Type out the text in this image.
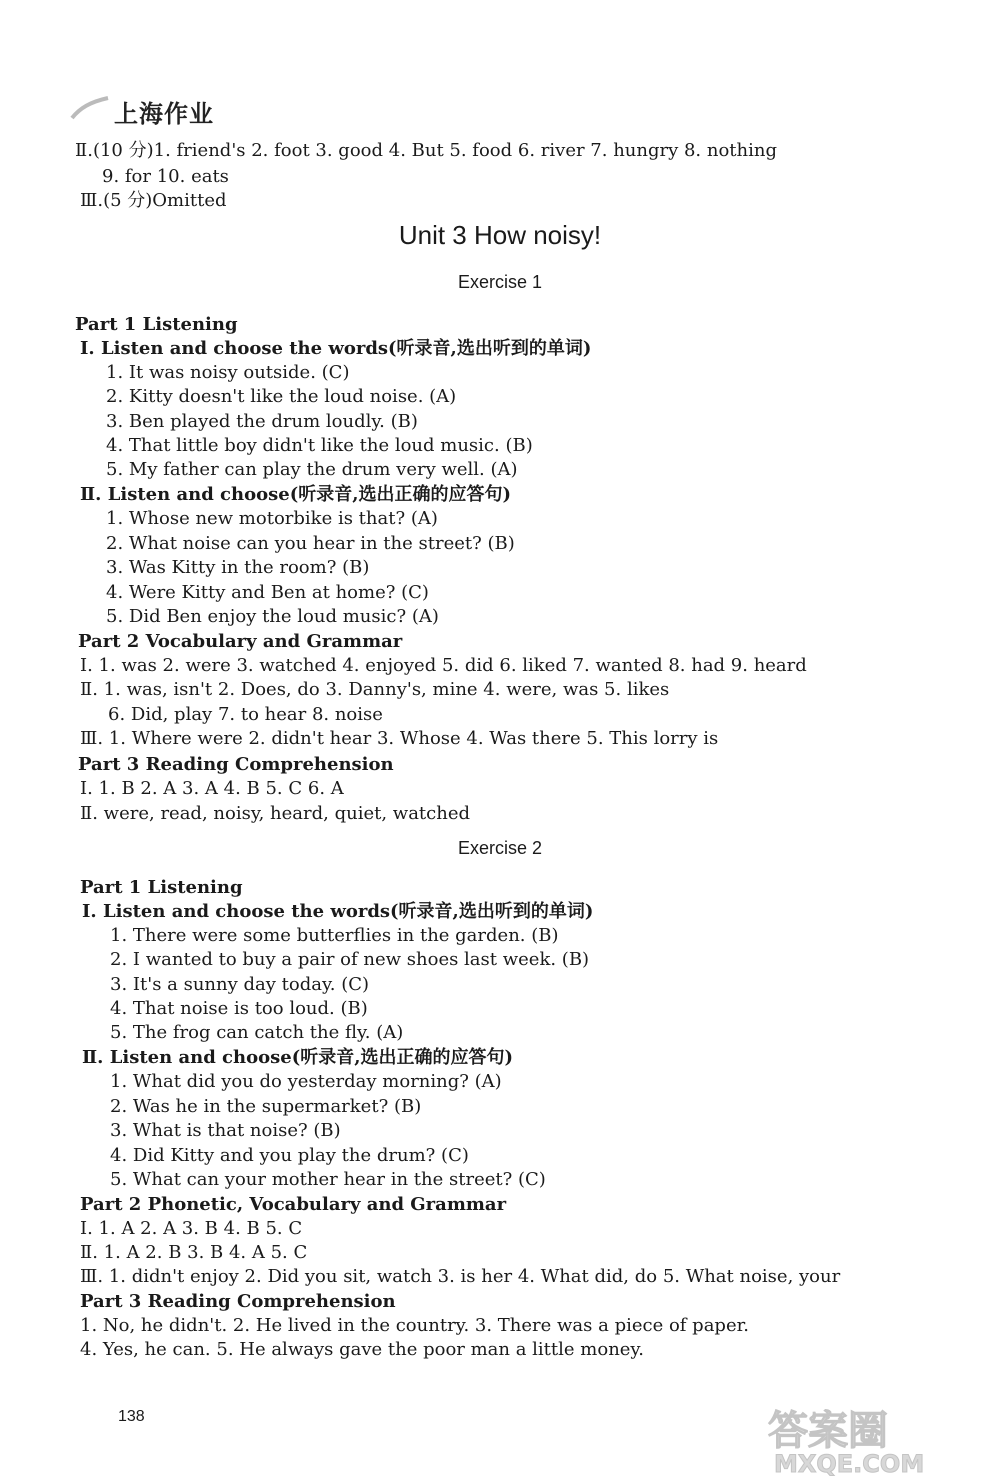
上海作业
Ⅱ.(10 分)1. friend's 2. foot 3. good 4. But 5. food 6. river 7. hungry 8. nothing
9. for 10. eats
Ⅲ.(5 分)Omitted
Unit 3 How noisy!
Exercise 1
Part 1 Listening
Ⅰ. Listen and choose the words(听录音,选出听到的单词)
1. It was noisy outside. (C)
2. Kitty doesn't like the loud noise. (A)
3. Ben played the drum loudly. (B)
4. That little boy didn't like the loud music. (B)
5. My father can play the drum very well. (A)
Ⅱ. Listen and choose(听录音,选出正确的应答句)
1. Whose new motorbike is that? (A)
2. What noise can you hear in the street? (B)
3. Was Kitty in the room? (B)
4. Were Kitty and Ben at home? (C)
5. Did Ben enjoy the loud music? (A)
Part 2 Vocabulary and Grammar
Ⅰ. 1. was 2. were 3. watched 4. enjoyed 5. did 6. liked 7. wanted 8. had 9. heard
Ⅱ. 1. was, isn't 2. Does, do 3. Danny's, mine 4. were, was 5. likes
6. Did, play 7. to hear 8. noise
Ⅲ. 1. Where were 2. didn't hear 3. Whose 4. Was there 5. This lorry is
Part 3 Reading Comprehension
Ⅰ. 1. B 2. A 3. A 4. B 5. C 6. A
Ⅱ. were, read, noisy, heard, quiet, watched
Exercise 2
Part 1 Listening
Ⅰ. Listen and choose the words(听录音,选出听到的单词)
1. There were some butterflies in the garden. (B)
2. I wanted to buy a pair of new shoes last week. (B)
3. It's a sunny day today. (C)
4. That noise is too loud. (B)
5. The frog can catch the fly. (A)
Ⅱ. Listen and choose(听录音,选出正确的应答句)
1. What did you do yesterday morning? (A)
2. Was he in the supermarket? (B)
3. What is that noise? (B)
4. Did Kitty and you play the drum? (C)
5. What can your mother hear in the street? (C)
Part 2 Phonetic, Vocabulary and Grammar
Ⅰ. 1. A 2. A 3. B 4. B 5. C
Ⅱ. 1. A 2. B 3. B 4. A 5. C
Ⅲ. 1. didn't enjoy 2. Did you sit, watch 3. is her 4. What did, do 5. What noise, your
Part 3 Reading Comprehension
1. No, he didn't. 2. He lived in the country. 3. There was a piece of paper.
4. Yes, he can. 5. He always gave the poor man a little money.
138	答案圈
MXQE.COM
